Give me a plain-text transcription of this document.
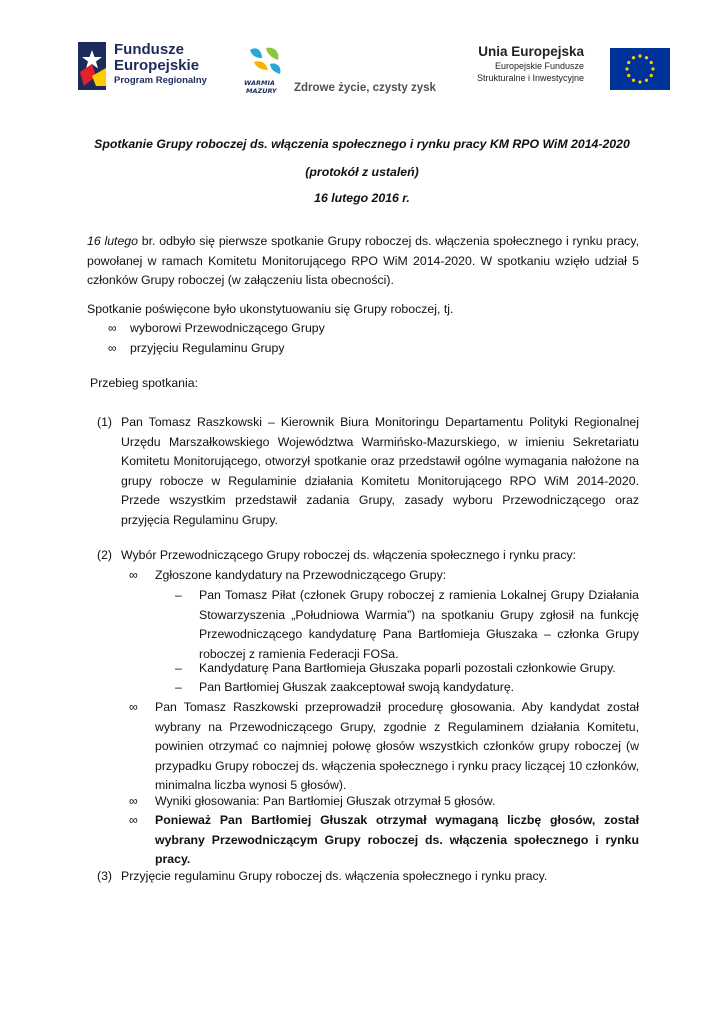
Fundusze
Europejskie
Program Regionalny	WARMIA
MAZURY Zdrowe życie, czysty zysk
Unia Europejska
Europejskie Fundusze
Strukturalne i Inwestycyjne
Spotkanie Grupy roboczej ds. włączenia społecznego i rynku pracy KM RPO WiM 2014-2020
(protokół z ustaleń)
16 lutego 2016 r.
16 lutego br. odbyło się pierwsze spotkanie Grupy roboczej ds. włączenia społecznego i rynku pracy, powołanej w ramach Komitetu Monitorującego RPO WiM 2014-2020. W spotkaniu wzięło udział 5 członków Grupy roboczej (w załączeniu lista obecności).
Spotkanie poświęcone było ukonstytuowaniu się Grupy roboczej, tj.
∞ wyborowi Przewodniczącego Grupy
∞ przyjęciu Regulaminu Grupy
Przebieg spotkania:
(1) Pan Tomasz Raszkowski – Kierownik Biura Monitoringu Departamentu Polityki Regionalnej Urzędu Marszałkowskiego Województwa Warmińsko-Mazurskiego, w imieniu Sekretariatu Komitetu Monitorującego, otworzył spotkanie oraz przedstawił ogólne wymagania nałożone na grupy robocze w Regulaminie działania Komitetu Monitorującego RPO WiM 2014-2020. Przede wszystkim przedstawił zadania Grupy, zasady wyboru Przewodniczącego oraz przyjęcia Regulaminu Grupy.
(2) Wybór Przewodniczącego Grupy roboczej ds. włączenia społecznego i rynku pracy:
∞ Zgłoszone kandydatury na Przewodniczącego Grupy:
– Pan Tomasz Piłat (członek Grupy roboczej z ramienia Lokalnej Grupy Działania Stowarzyszenia „Południowa Warmia”) na spotkaniu Grupy zgłosił na funkcję Przewodniczącego kandydaturę Pana Bartłomieja Głuszaka – członka Grupy roboczej z ramienia Federacji FOSa.
– Kandydaturę Pana Bartłomieja Głuszaka poparli pozostali członkowie Grupy.
– Pan Bartłomiej Głuszak zaakceptował swoją kandydaturę.
∞ Pan Tomasz Raszkowski przeprowadził procedurę głosowania. Aby kandydat został wybrany na Przewodniczącego Grupy, zgodnie z Regulaminem działania Komitetu, powinien otrzymać co najmniej połowę głosów wszystkich członków grupy roboczej (w przypadku Grupy roboczej ds. włączenia społecznego i rynku pracy liczącej 10 członków, minimalna liczba wynosi 5 głosów).
∞ Wyniki głosowania: Pan Bartłomiej Głuszak otrzymał 5 głosów.
∞ Ponieważ Pan Bartłomiej Głuszak otrzymał wymaganą liczbę głosów, został wybrany Przewodniczącym Grupy roboczej ds. włączenia społecznego i rynku pracy.
(3) Przyjęcie regulaminu Grupy roboczej ds. włączenia społecznego i rynku pracy.
